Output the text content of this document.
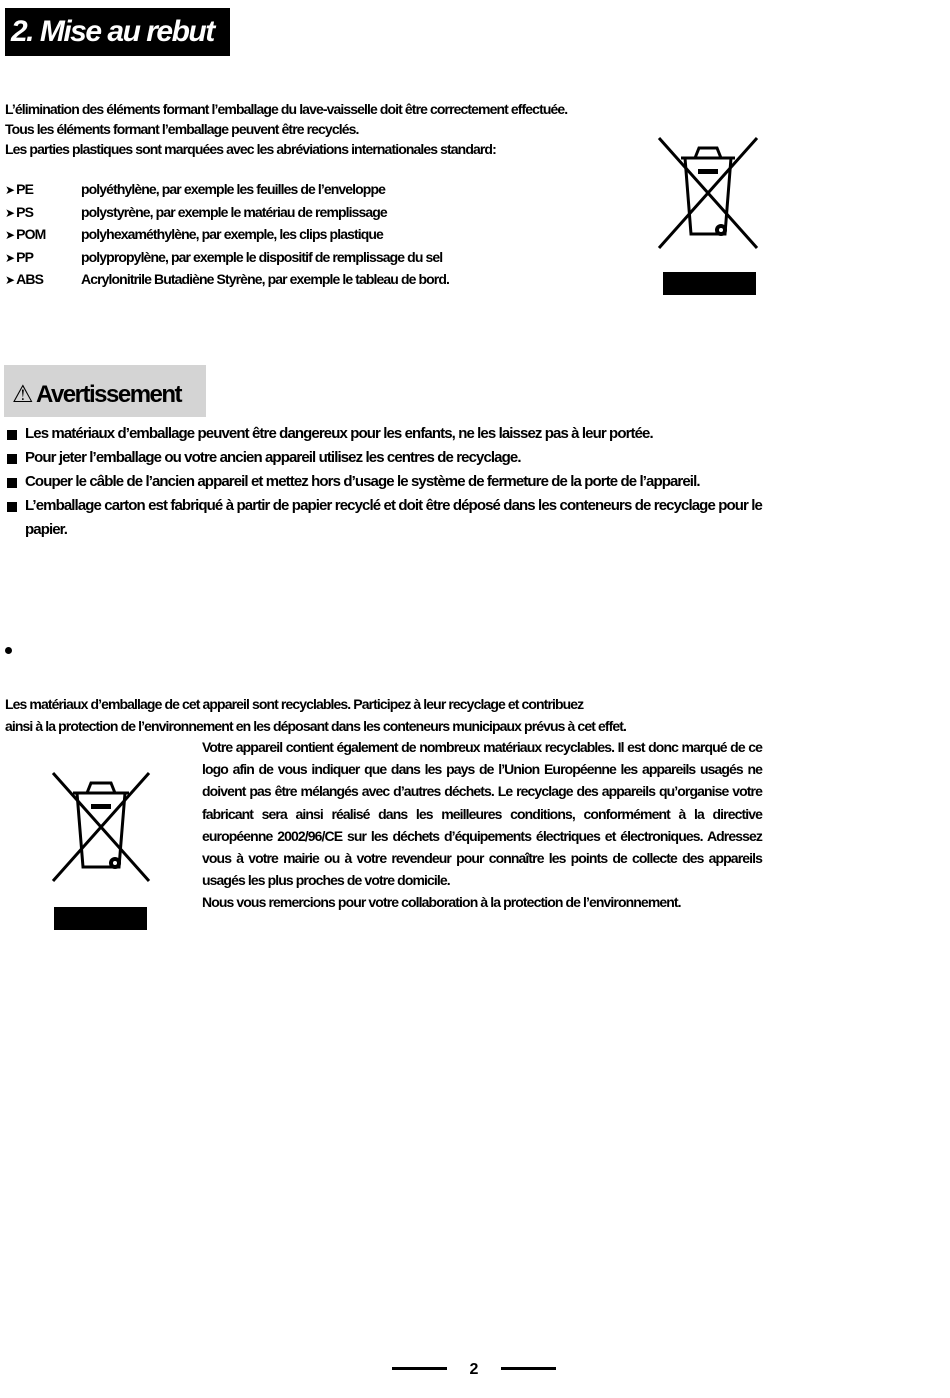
2. Mise au rebut
L’élimination des éléments formant l’emballage du lave-vaisselle doit être correctement effectuée.
Tous les éléments formant l’emballage peuvent être recyclés.
Les parties plastiques sont marquées avec les abréviations internationales standard:
➤ PE	polyéthylène, par exemple les feuilles de l’enveloppe
➤ PS	polystyrène, par exemple le matériau de remplissage
➤ POM	polyhexaméthylène, par exemple, les clips plastique
➤ PP	polypropylène, par exemple le dispositif de remplissage du sel
➤ ABS	Acrylonitrile Butadiène Styrène, par exemple le tableau de bord.
⚠ Avertissement
Les matériaux d’emballage peuvent être dangereux pour les enfants, ne les laissez pas à leur portée.
Pour jeter l’emballage ou votre ancien appareil utilisez les centres de recyclage.
Couper le câble de l’ancien appareil et mettez hors d’usage le système de fermeture de la porte de l’appareil.
L’emballage carton est fabriqué à partir de papier recyclé et doit être déposé dans les conteneurs de recyclage pour le papier.
Les matériaux d’emballage de cet appareil sont recyclables. Participez à leur recyclage et contribuez
ainsi à la protection de l’environnement en les déposant dans les conteneurs municipaux prévus à cet effet.
Votre appareil contient également de nombreux matériaux recyclables. Il est donc marqué de ce logo afin de vous indiquer que dans les pays de l’Union Européenne les appareils usagés ne doivent pas être mélangés avec d’autres déchets. Le recyclage des appareils qu’organise votre fabricant sera ainsi réalisé dans les meilleures conditions, conformément à la directive européenne 2002/96/CE sur les déchets d’équipements électriques et électroniques. Adressez vous à votre mairie ou à votre revendeur pour connaître les points de collecte des appareils usagés les plus proches de votre domicile.
Nous vous remercions pour votre collaboration à la protection de l’environnement.
2
